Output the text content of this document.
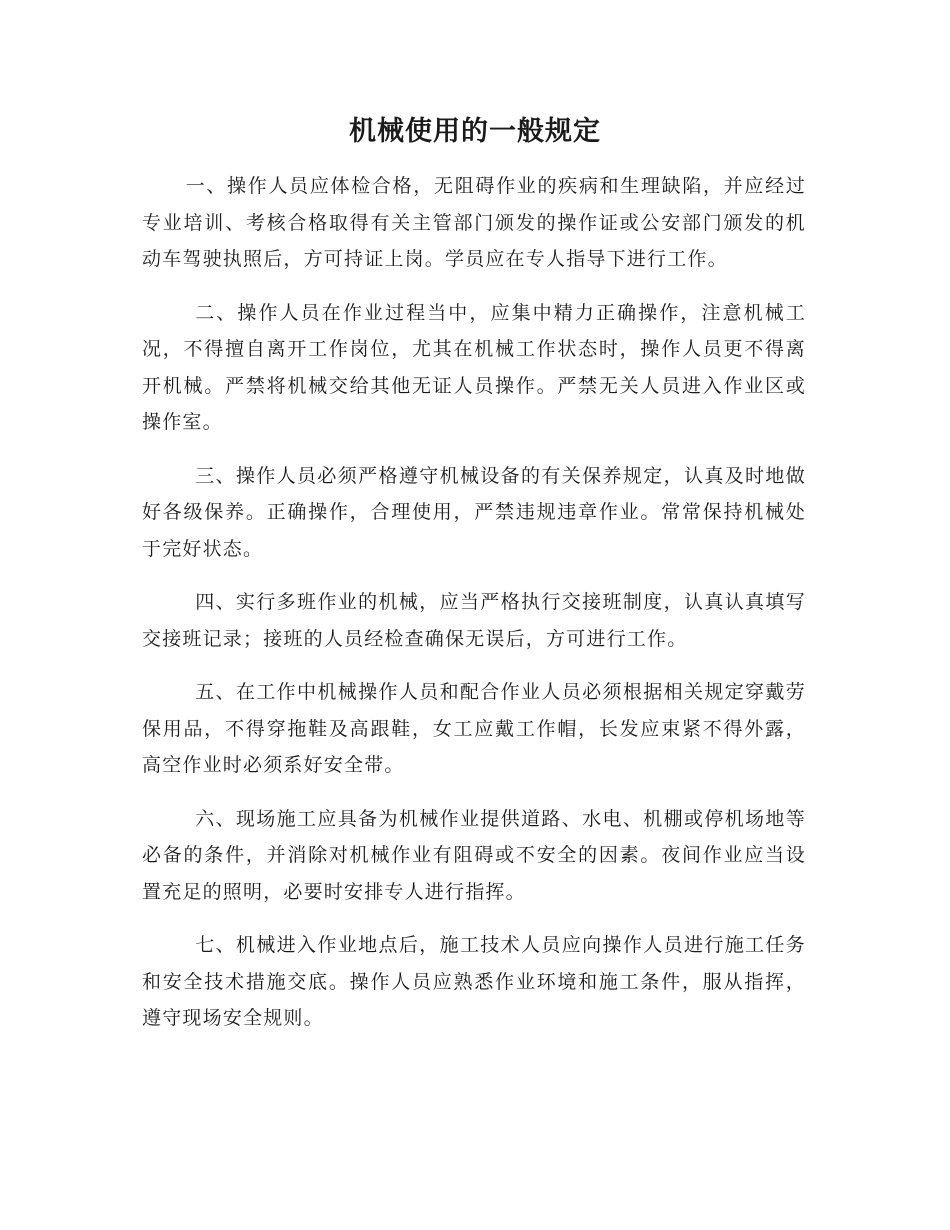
机械使用的一般规定

一、操作人员应体检合格，无阻碍作业的疾病和生理缺陷，并应经过专业培训、考核合格取得有关主管部门颁发的操作证或公安部门颁发的机动车驾驶执照后，方可持证上岗。学员应在专人指导下进行工作。

二、操作人员在作业过程当中，应集中精力正确操作，注意机械工况，不得擅自离开工作岗位，尤其在机械工作状态时，操作人员更不得离开机械。严禁将机械交给其他无证人员操作。严禁无关人员进入作业区或操作室。

三、操作人员必须严格遵守机械设备的有关保养规定，认真及时地做好各级保养。正确操作，合理使用，严禁违规违章作业。常常保持机械处于完好状态。

四、实行多班作业的机械，应当严格执行交接班制度，认真认真填写交接班记录；接班的人员经检查确保无误后，方可进行工作。

五、在工作中机械操作人员和配合作业人员必须根据相关规定穿戴劳保用品，不得穿拖鞋及高跟鞋，女工应戴工作帽，长发应束紧不得外露，高空作业时必须系好安全带。

六、现场施工应具备为机械作业提供道路、水电、机棚或停机场地等必备的条件，并消除对机械作业有阻碍或不安全的因素。夜间作业应当设置充足的照明，必要时安排专人进行指挥。

七、机械进入作业地点后，施工技术人员应向操作人员进行施工任务和安全技术措施交底。操作人员应熟悉作业环境和施工条件，服从指挥，遵守现场安全规则。
